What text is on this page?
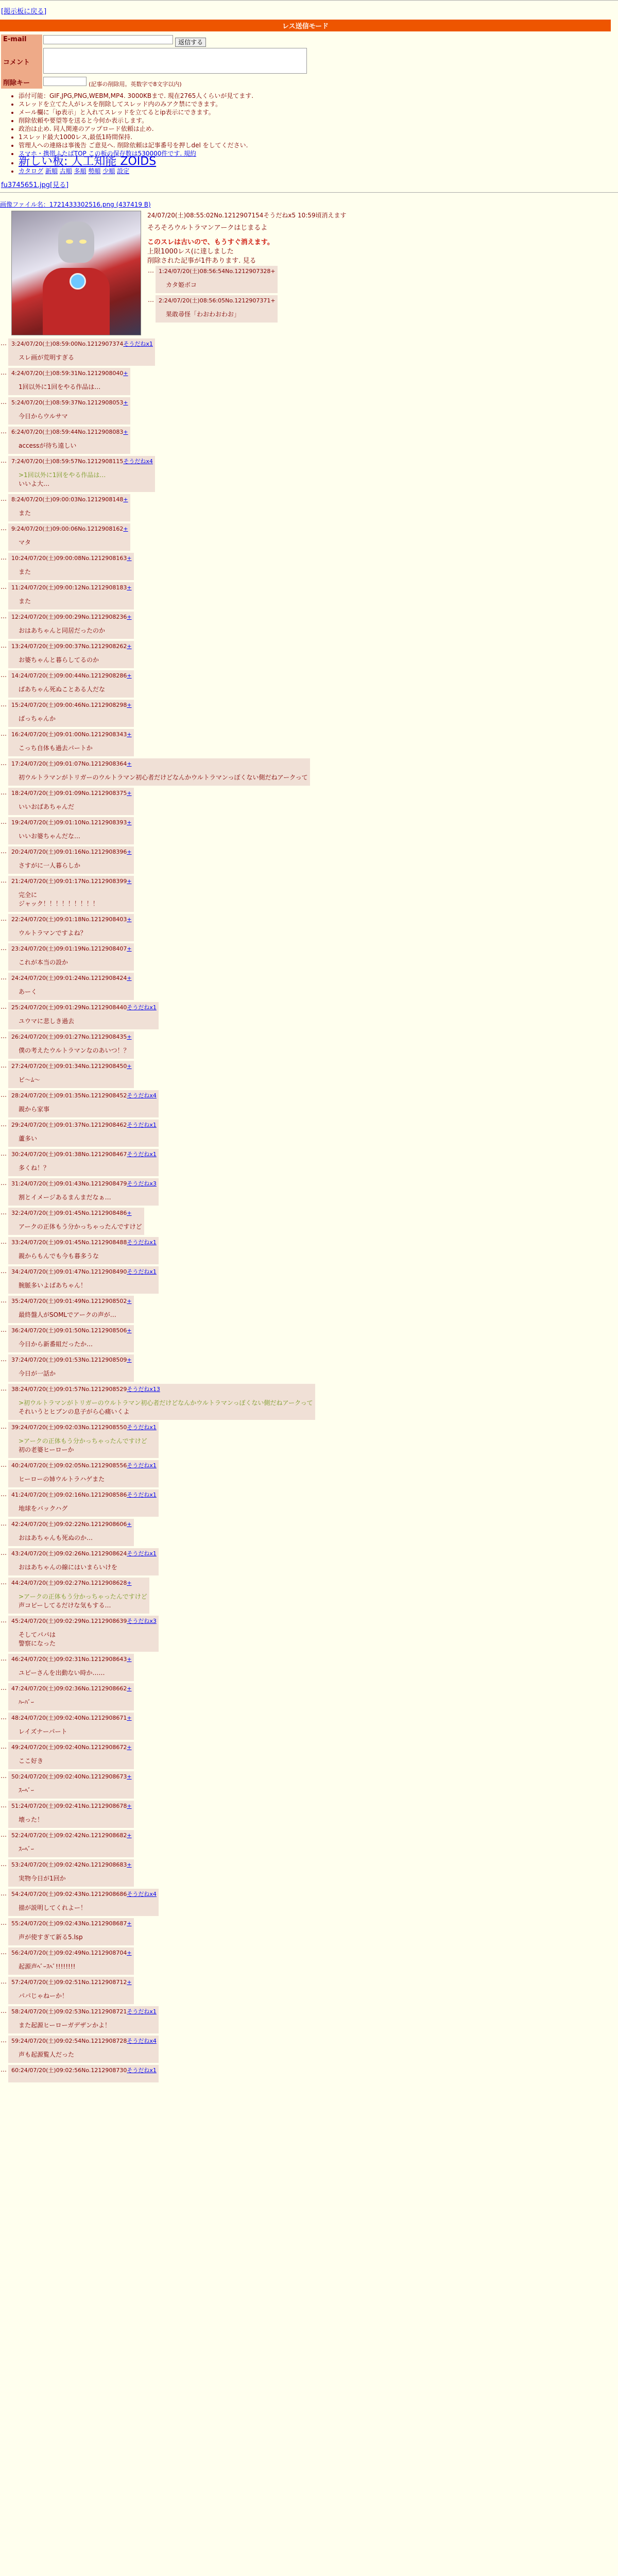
[掲示板に戻る]
レス送信モード
E-mail	返信する
コメント	
削除キー	(記事の削除用。英数字で8文字以内)
• 添付可能：GIF,JPG,PNG,WEBM,MP4. 3000KBまで. 現在2765人くらいが見てます.
• スレッドを立てた人がレスを削除してスレッド内のみアク禁にできます。
• メール欄に「ip表示」と入れてスレッドを立てるとip表示にできます。
• 削除依頼や要望等を送ると今何か表示します。
• 政治は止め. 同人関連のアップロード依頼は止め.
• 1スレッド最大1000レス,最低1時間保持.
• 管理人への連絡は事後告 ご意見へ. 削除依頼は記事番号を押しdel をしてください.
• スマホ・携帯ふたばTOP この板の保存数は530000件です. 規約
• 新しい板: 人工知能 ZOIDS
• カタログ 新順 古順 多順 勢順 少順 設定
fu3745651.jpg[見る]
画像ファイル名：1721433302516.png (437419 B)
24/07/20(土)08:55:02No.1212907154そうだねx5 10:59頃消えます
そろそろウルトラマンアークはじまるよ
このスレは古いので、もうすぐ消えます。
上限1000レス(に達しました
削除された記事が1件あります. 見る
…	1:24/07/20(土)08:56:54No.1212907328+
カタ姫ボコ
…	2:24/07/20(土)08:56:05No.1212907371+
果敢尋怪「わおわおわお」
…	3:24/07/20(土)08:59:00No.1212907374そうだねx1
スレ画が荒明すぎる
…	4:24/07/20(土)08:59:31No.1212908040+
1回以外に1回をやる作品は…
…	5:24/07/20(土)08:59:37No.1212908053+
今日からウルサマ
…	6:24/07/20(土)08:59:44No.1212908083+
accessが待ち遠しい
…	7:24/07/20(土)08:59:57No.1212908115そうだねx4
>1回以外に1回をやる作品は…
いいよ大…
…	8:24/07/20(土)09:00:03No.1212908148+
また
…	9:24/07/20(土)09:00:06No.1212908162+
マタ
…	10:24/07/20(土)09:00:08No.1212908163+
また
…	11:24/07/20(土)09:00:12No.1212908183+
また
…	12:24/07/20(土)09:00:29No.1212908236+
おはあちゃんと同居だったのか
…	13:24/07/20(土)09:00:37No.1212908262+
お婆ちゃんと暮らしてるのか
…	14:24/07/20(土)09:00:44No.1212908286+
ばあちゃん死ぬことある人だな
…	15:24/07/20(土)09:00:46No.1212908298+
ばっちゃんか
…	16:24/07/20(土)09:01:00No.1212908343+
こっち自体も過去パートか
…	17:24/07/20(土)09:01:07No.1212908364+
初ウルトラマンがトリガーのウルトラマン初心者だけどなんかウルトラマンっぽくない側だねアークって
…	18:24/07/20(土)09:01:09No.1212908375+
いいおばあちゃんだ
…	19:24/07/20(土)09:01:10No.1212908393+
いいお婆ちゃんだな…
…	20:24/07/20(土)09:01:16No.1212908396+
さすがに一人暮らしか
…	21:24/07/20(土)09:01:17No.1212908399+
完全に
ジャック！！！！！！！！！
…	22:24/07/20(土)09:01:18No.1212908403+
ウルトラマンですよね？
…	23:24/07/20(土)09:01:19No.1212908407+
これが本当の設か
…	24:24/07/20(土)09:01:24No.1212908424+
あーく
…	25:24/07/20(土)09:01:29No.1212908440そうだねx1
ユウマに悲しき過去
…	26:24/07/20(土)09:01:27No.1212908435+
僕の考えたウルトラマンなのあいつ！？
…	27:24/07/20(土)09:01:34No.1212908450+
ビ〜ﾑ〜
…	28:24/07/20(土)09:01:35No.1212908452そうだねx4
親から家事
…	29:24/07/20(土)09:01:37No.1212908462そうだねx1
蘆多い
…	30:24/07/20(土)09:01:38No.1212908467そうだねx1
多くね！？
…	31:24/07/20(土)09:01:43No.1212908479そうだねx3
割とイメージあるまんまだなぁ…
…	32:24/07/20(土)09:01:45No.1212908486+
アークの正体もう分かっちゃったんですけど
…	33:24/07/20(土)09:01:45No.1212908488そうだねx1
親からもんでも今も暮多うな
…	34:24/07/20(土)09:01:47No.1212908490そうだねx1
腕脈多いよばあちゃん！
…	35:24/07/20(土)09:01:49No.1212908502+
最終盤人がSOMLでアークの声が…
…	36:24/07/20(土)09:01:50No.1212908506+
今日から新番組だったか…
…	37:24/07/20(土)09:01:53No.1212908509+
今日が一話か
…	38:24/07/20(土)09:01:57No.1212908529そうだねx13
>初ウルトラマンがトリガーのウルトラマン初心者だけどなんかウルトラマンっぽくない側だねアークって
それいうとヒブンの息子がら心痛いくよ
…	39:24/07/20(土)09:02:03No.1212908550そうだねx1
>アークの正体もう分かっちゃったんですけど
初の老婆ヒーローか
…	40:24/07/20(土)09:02:05No.1212908556そうだねx1
ヒーローの姉ウルトラハゲまた
…	41:24/07/20(土)09:02:16No.1212908586そうだねx1
地球をバックハグ
…	42:24/07/20(土)09:02:22No.1212908606+
おはあちゃんも死ぬのか…
…	43:24/07/20(土)09:02:26No.1212908624そうだねx1
おはあちゃんの線にはいまらいけを
…	44:24/07/20(土)09:02:27No.1212908628+
>アークの正体もう分かっちゃったんですけど
声コピーしてるだけな気もする…
…	45:24/07/20(土)09:02:29No.1212908639そうだねx3
そしてパパは
警察になった
…	46:24/07/20(土)09:02:31No.1212908643+
ユピーさんを出動ない時か……
…	47:24/07/20(土)09:02:36No.1212908662+
ﾊｰﾊﾞｰ
…	48:24/07/20(土)09:02:40No.1212908671+
レイズナーパート
…	49:24/07/20(土)09:02:40No.1212908672+
ここ好き
…	50:24/07/20(土)09:02:40No.1212908673+
ｽｰﾍﾞｰ
…	51:24/07/20(土)09:02:41No.1212908678+
壊った！
…	52:24/07/20(土)09:02:42No.1212908682+
ｽｰﾍﾞｰ
…	53:24/07/20(土)09:02:42No.1212908683+
実物今日が1回か
…	54:24/07/20(土)09:02:43No.1212908686そうだねx4
描が説明してくれよー！
…	55:24/07/20(土)09:02:43No.1212908687+
声が使すぎて新る5.lsp
…	56:24/07/20(土)09:02:49No.1212908704+
起源声ﾍﾞｰｽﾍﾞ!!!!!!!!
…	57:24/07/20(土)09:02:51No.1212908712+
パパじゃねーか！
…	58:24/07/20(土)09:02:53No.1212908721そうだねx1
また起源ヒーローガデザンかよ！
…	59:24/07/20(土)09:02:54No.1212908728そうだねx4
声も起源覧人だった
…	60:24/07/20(土)09:02:56No.1212908730そうだねx1
